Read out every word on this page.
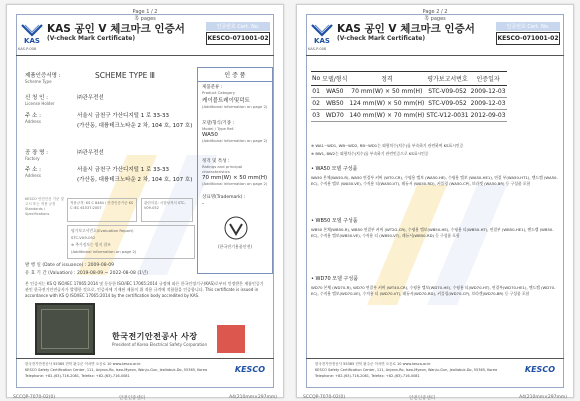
Page 1 / 2
쪽 pages
KAS
KAS-P-008
KAS 공인 V 체크마크 인증서
(V-check Mark Certificate)
인증번호 Cert. No.
KESCO-071001-02
제품인증서명 :
Scheme Type
SCHEME TYPE Ⅲ
신 청 인 :
License Holder
㈜관우전선
주 소 :
Address
서울시 금천구 가산디지털 1 로 33-33
(가산동, 대륭테크노타운 2 차, 104 호, 107 호)
공 장 명 :
Factory
㈜관우전선
주 소 :
Address
서울시 금천구 가산디지털 1 로 33-33
(가산동, 대륭테크노타운 2 차, 104 호, 107 호)
인 증 품
제품분류 :
Product Category
케이블트레이및덕트
(Additional information on page 2)
모델/형식/기종 :
Model / Type Ref.
WA50
(Additional information on page 2)
정격 및 특성 :
Ratings and principal characteristics
70 mm(W) × 50 mm(H)
(Additional information on page 2)
상표명(Trademark) :
-
(한국전기용품안전)
KESCO 안전인증 기준 및 고시 또는 적용 규정 Standards / Specifications
적용규격: KS C 8464 / 안전인증기준 KS C IEC 61537:2007
관련서류: 시험성적서 STC-V09-052
평가보고서번호(Evaluation Report)
STC-V09-052
※ 추가정보는 별지 참조
(Additional information on page 2)
발 행 일 (Date of issuance) : 2009-08-09
유 효 기 간 (Valuation) : 2019-08-09 ~ 2022-08-08 (1년)
본 인증서는 KS Q ISO/IEC 17065:2014 및 동등한 ISO/IEC 17065:2014 규정에 따른 한국인정기구(KAS)로부터 인정받은 제품인증기관인 한국전기안전공사가 발행한 것으로, 인증서에 기재된 제품이 위 적용 규격에 적합함을 인증합니다. This certificate is issued in accordance with KS Q ISO/IEC 17065:2014 by the certification body accredited by KAS.
한국전기안전공사 사장
President of Korea Electrical Safety Corporation
한국전기안전공사 55365 전북 완주군 이서면 오공로 10 www.kesco.or.kr
KESCO Safety Certification Center, 111, Anjeon-Ro, Iseo-Myeon, Wanju-Gun, Jeollabuk-Do, 55365, Korea
Telephone: +82-(63)-716-2081, Telefax: +82-(63)-716-0081
KESCO
SCCQP-7070-02(0)	안전인증센터	A4(210mm×297mm)
Page 2 / 2
쪽 pages
KAS
KAS-P-008
KAS 공인 V 체크마크 인증서
(V-check Mark Certificate)
인증번호 Cert. No.
KESCO-071001-02
No	모델/형식	정격	평가보고서번호	인증일자
01	WA50	70 mm(W) × 50 mm(H)	STC-V09-052	2009-12-03
02	WB50	124 mm(W) × 50 mm(H)	STC-V09-052	2009-12-03
03	WD70	140 mm(W) × 70 mm(H)	STC-V12-0031	2012-09-03
※ WA1~WD1, WB~WD2, RB~WD1는 외형치수(치수)를 부속하기 관련하여 KS표시인증
※ BW1, BW2는 외형치수(치수)를 부속하기 관련인증으로 KS표시인증
• WA50 모델 구성품
WA50 본체(WA50-R), WA50 연결부 커버 (WT0-CR), 수평용 엘보 (WA50-HE), 수평용 엘보 (WA50-HE1), 연결 부(WA50-HT1), 엔드캡 (WA50-EC), 수직용 엘보 (WA50-VE), 수직용 티(WA50-VT), 레듀서 (WA50-RD), 커플링 (WA50-CP), 브라켓 (WA50-BR) 등 구성품 포함
• WB50 모델 구성품
WB50 본체(WB50-R), WB50 연결부 커버 (WT2G-CR), 수평용 엘보(WB50-HE), 수평용 티(WB50-HT), 연결부 (WB50-HE1), 엔드캡 (WB50-EC), 수직용 엘보(WB50-VE), 수직용 티 (WB50-VT), 레듀서(WB50-RD) 등 구성품 포함
• WD70 모델 구성품
WD70 본체 (WD70-R), WD70 연결부 커버 (WT40-CR), 수평용 엘보(WD70-HE), 수평용 티(WD70-HT), 연결부(WD70-HE1), 엔드캡 (WD70-EC), 수직용 엘보(WD70-VE), 수직용 티 (WD70-VT), 레듀서(WD70-RD), 커플링(WD70-CP), 브라켓(WD70-BR) 등 구성품 포함
한국전기안전공사 55365 전북 완주군 이서면 오공로 10 www.kesco.or.kr
KESCO Safety Certification Center, 111, Anjeon-Ro, Iseo-Myeon, Wanju-Gun, Jeollabuk-Do, 55365, Korea
Telephone: +82-(63)-716-2081, Telefax: +82-(63)-716-0081
KESCO
SCCQP-7070-02(0)	안전인증센터	A4(210mm×297mm)
